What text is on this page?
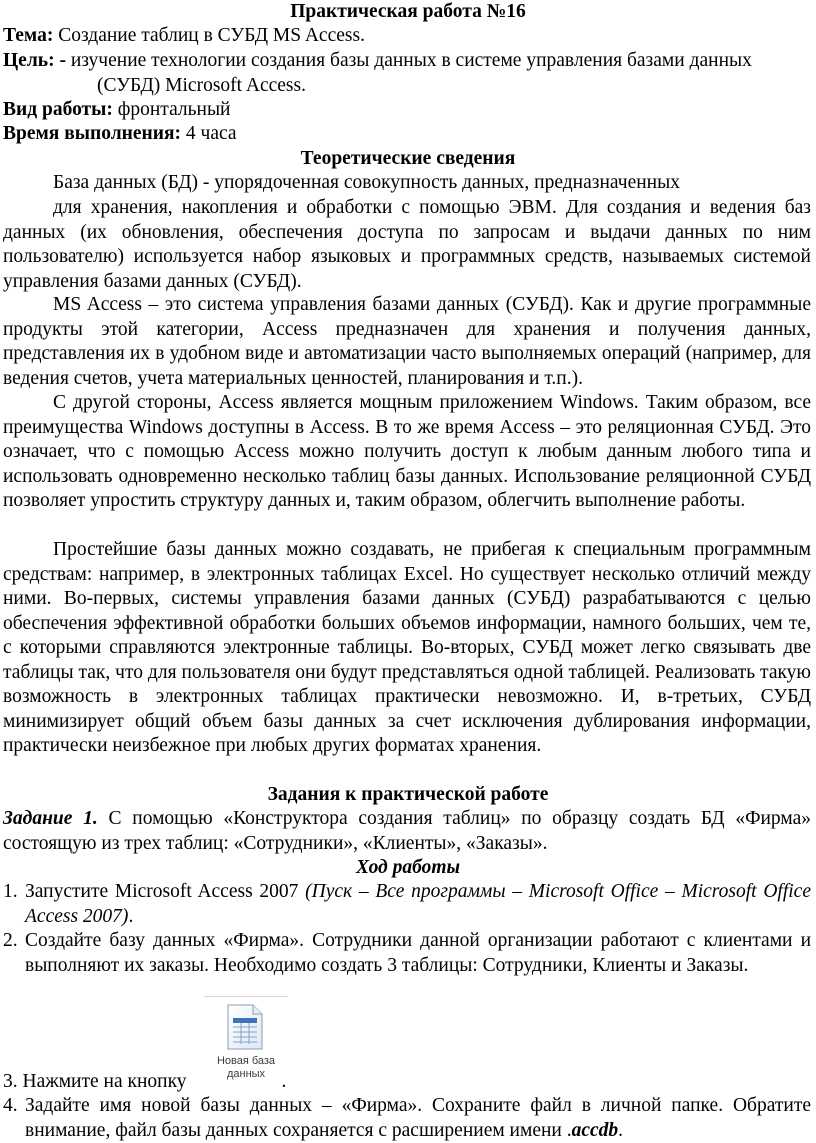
Практическая работа №16
Тема: Создание таблиц в СУБД MS Access.
Цель: - изучение технологии создания базы данных в системе управления базами данных
(СУБД) Microsoft Access.
Вид работы: фронтальный
Время выполнения: 4 часа
Теоретические сведения
База данных (БД) - упорядоченная совокупность данных, предназначенных
для хранения, накопления и обработки с помощью ЭВМ. Для создания и ведения баз данных (их обновления, обеспечения доступа по запросам и выдачи данных по ним пользователю) используется набор языковых и программных средств, называемых системой управления базами данных (СУБД).
MS Access – это система управления базами данных (СУБД). Как и другие программные продукты этой категории, Access предназначен для хранения и получения данных, представления их в удобном виде и автоматизации часто выполняемых операций (например, для ведения счетов, учета материальных ценностей, планирования и т.п.).
С другой стороны, Access является мощным приложением Windows. Таким образом, все преимущества Windows доступны в Access. В то же время Access – это реляционная СУБД. Это означает, что с помощью Access можно получить доступ к любым данным любого типа и использовать одновременно несколько таблиц базы данных. Использование реляционной СУБД позволяет упростить структуру данных и, таким образом, облегчить выполнение работы.
Простейшие базы данных можно создавать, не прибегая к специальным программным средствам: например, в электронных таблицах Excel. Но существует несколько отличий между ними. Во-первых, системы управления базами данных (СУБД) разрабатываются с целью обеспечения эффективной обработки больших объемов информации, намного больших, чем те, с которыми справляются электронные таблицы. Во-вторых, СУБД может легко связывать две таблицы так, что для пользователя они будут представляться одной таблицей. Реализовать такую возможность в электронных таблицах практически невозможно. И, в-третьих, СУБД минимизирует общий объем базы данных за счет исключения дублирования информации, практически неизбежное при любых других форматах хранения.
Задания к практической работе
Задание 1. С помощью «Конструктора создания таблиц» по образцу создать БД «Фирма» состоящую из трех таблиц: «Сотрудники», «Клиенты», «Заказы».
Ход работы
1. Запустите Microsoft Access 2007 (Пуск – Все программы – Microsoft Office – Microsoft Office Access 2007).
2. Создайте базу данных «Фирма». Сотрудники данной организации работают с клиентами и выполняют их заказы. Необходимо создать 3 таблицы: Сотрудники, Клиенты и Заказы.
3. Нажмите на кнопку	.
Новая база данных
4. Задайте имя новой базы данных – «Фирма». Сохраните файл в личной папке. Обратите внимание, файл базы данных сохраняется с расширением имени .accdb.
